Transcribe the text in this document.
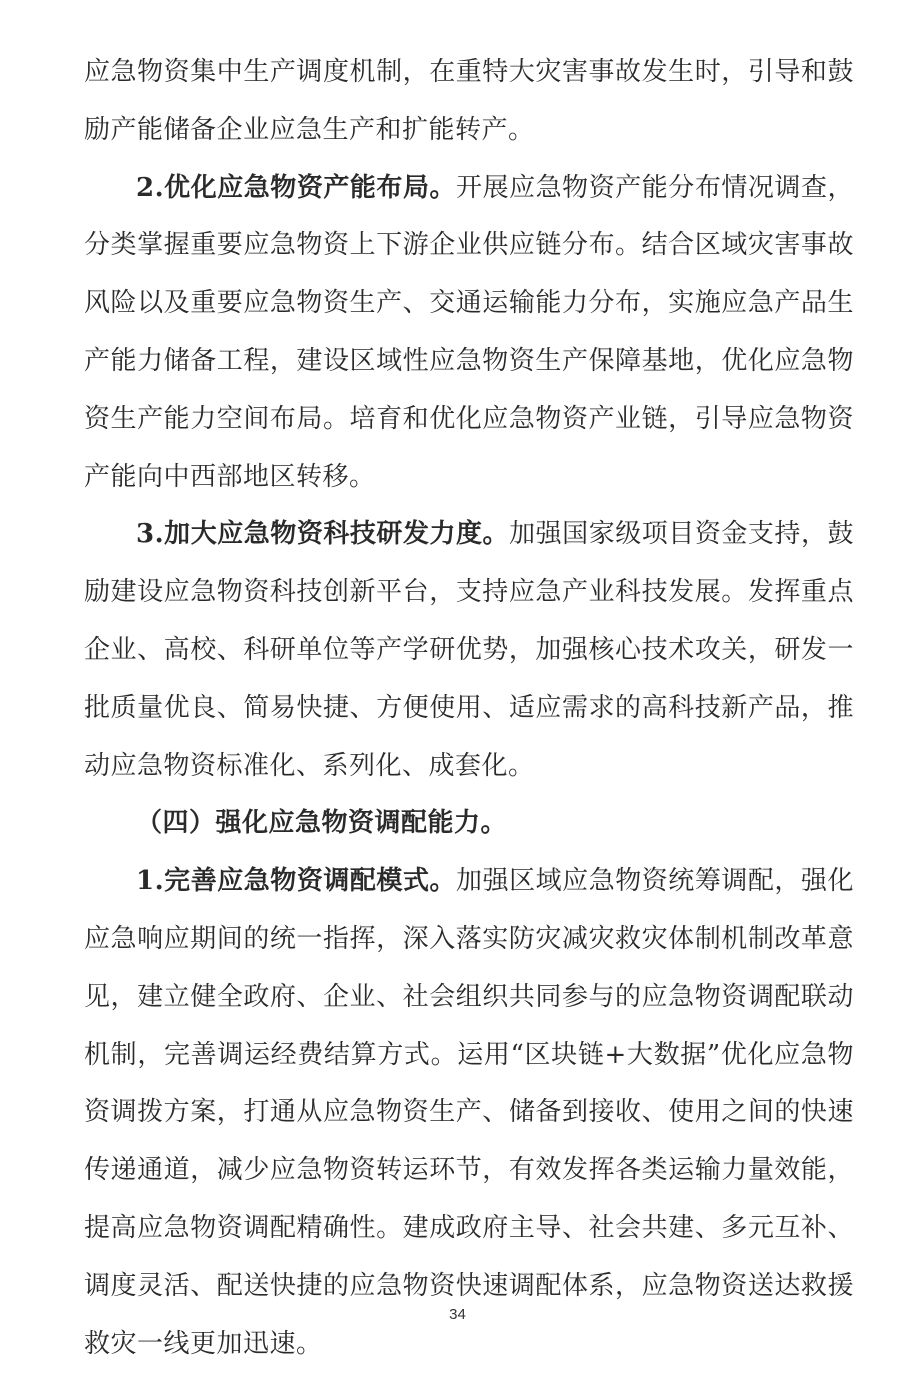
应急物资集中生产调度机制，在重特大灾害事故发生时，引导和鼓励产能储备企业应急生产和扩能转产。

2.优化应急物资产能布局。开展应急物资产能分布情况调查，分类掌握重要应急物资上下游企业供应链分布。结合区域灾害事故风险以及重要应急物资生产、交通运输能力分布，实施应急产品生产能力储备工程，建设区域性应急物资生产保障基地，优化应急物资生产能力空间布局。培育和优化应急物资产业链，引导应急物资产能向中西部地区转移。

3.加大应急物资科技研发力度。加强国家级项目资金支持，鼓励建设应急物资科技创新平台，支持应急产业科技发展。发挥重点企业、高校、科研单位等产学研优势，加强核心技术攻关，研发一批质量优良、简易快捷、方便使用、适应需求的高科技新产品，推动应急物资标准化、系列化、成套化。

（四）强化应急物资调配能力。

1.完善应急物资调配模式。加强区域应急物资统筹调配，强化应急响应期间的统一指挥，深入落实防灾减灾救灾体制机制改革意见，建立健全政府、企业、社会组织共同参与的应急物资调配联动机制，完善调运经费结算方式。运用“区块链+大数据”优化应急物资调拨方案，打通从应急物资生产、储备到接收、使用之间的快速传递通道，减少应急物资转运环节，有效发挥各类运输力量效能，提高应急物资调配精确性。建成政府主导、社会共建、多元互补、调度灵活、配送快捷的应急物资快速调配体系，应急物资送达救援救灾一线更加迅速。

34
